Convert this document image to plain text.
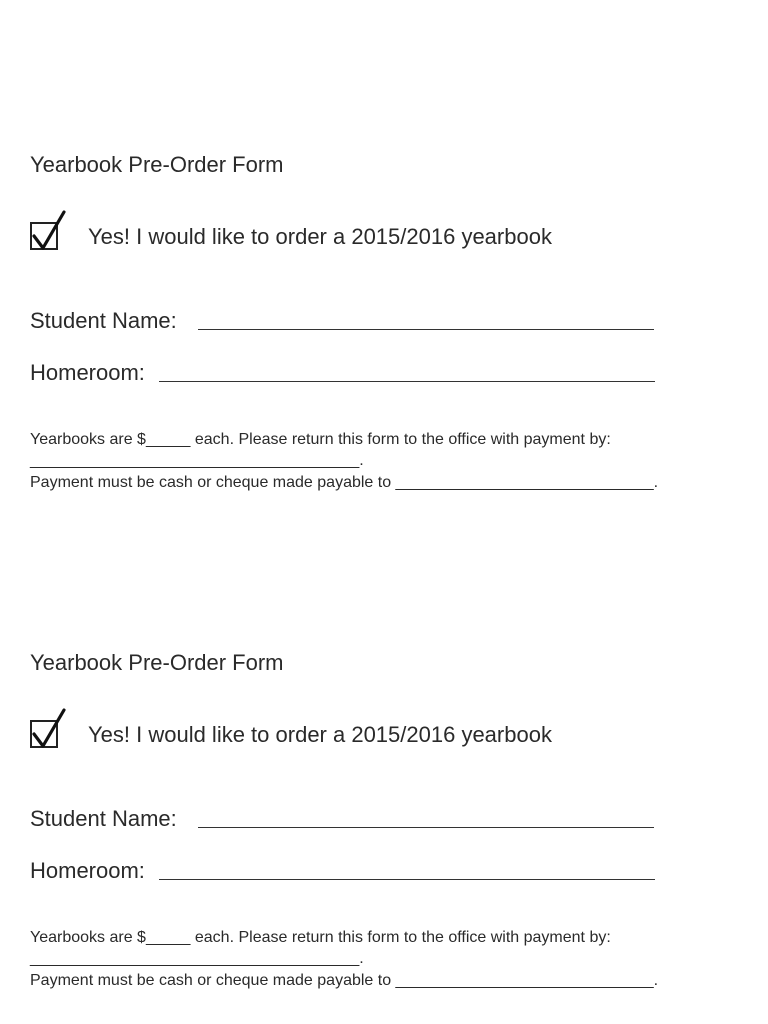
Yearbook Pre-Order Form
Yes! I would like to order a 2015/2016 yearbook
Student Name:
Homeroom:
Yearbooks are $_____ each. Please return this form to the office with payment by:
_____________________________________.
Payment must be cash or cheque made payable to _____________________________.
Yearbook Pre-Order Form
Yes! I would like to order a 2015/2016 yearbook
Student Name:
Homeroom:
Yearbooks are $_____ each. Please return this form to the office with payment by:
_____________________________________.
Payment must be cash or cheque made payable to _____________________________.
